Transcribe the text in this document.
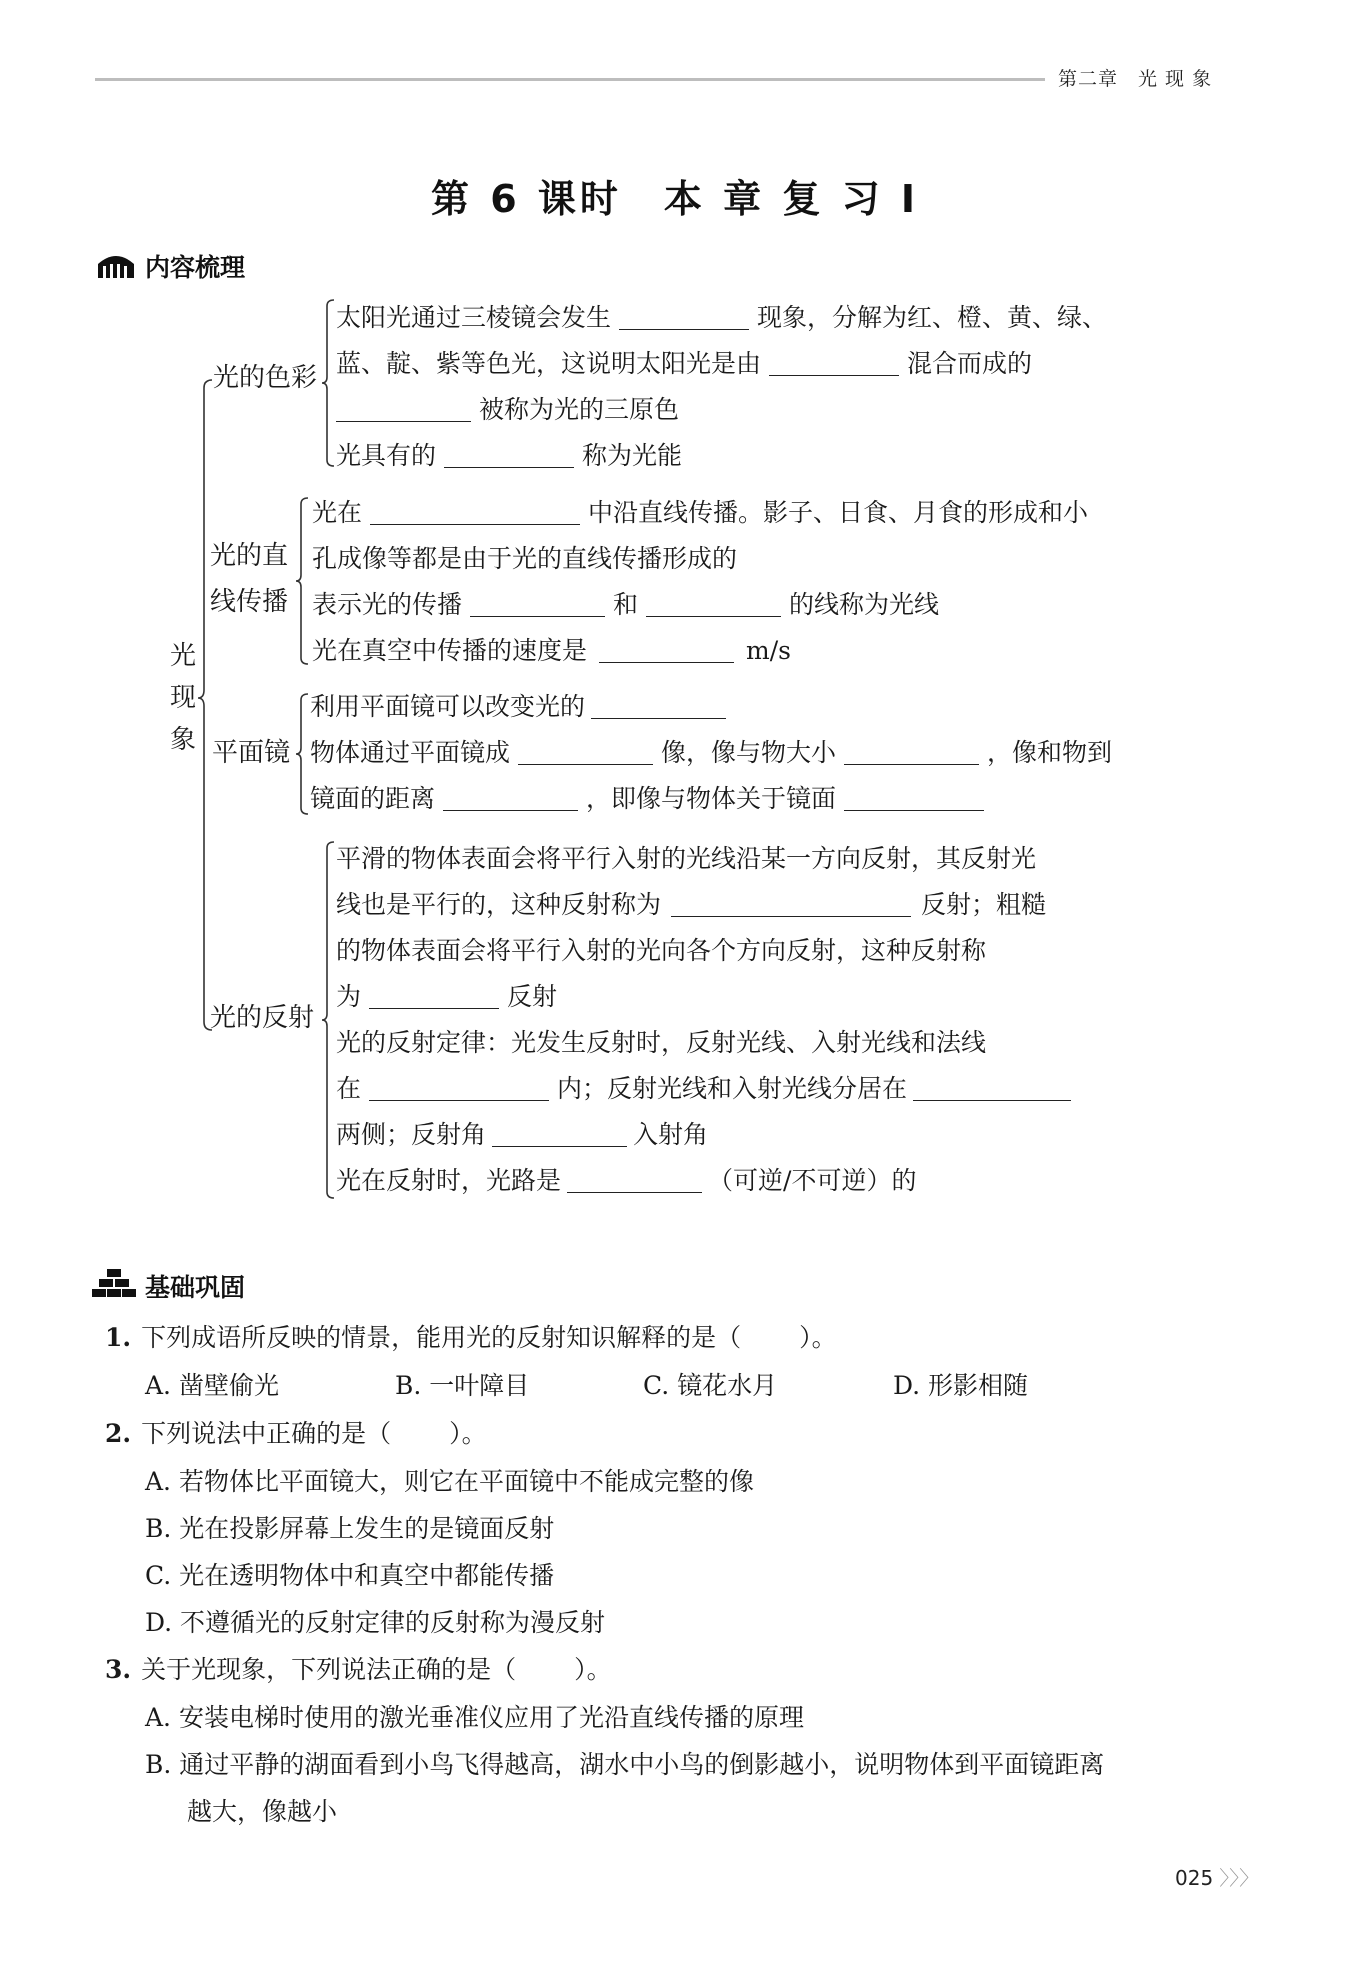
第二章　光 现 象
第 6 课时　本 章 复 习 Ⅰ
内容梳理
光
现
象
光的色彩
太阳光通过三棱镜会发生	现象，分解为红、橙、黄、绿、
蓝、靛、紫等色光，这说明太阳光是由	混合而成的
被称为光的三原色
光具有的	称为光能
光的直
线传播
光在	中沿直线传播。影子、日食、月食的形成和小
孔成像等都是由于光的直线传播形成的
表示光的传播	和	的线称为光线
光在真空中传播的速度是	m/s
平面镜
利用平面镜可以改变光的
物体通过平面镜成	像，像与物大小	，像和物到
镜面的距离	，即像与物体关于镜面
光的反射
平滑的物体表面会将平行入射的光线沿某一方向反射，其反射光
线也是平行的，这种反射称为	反射；粗糙
的物体表面会将平行入射的光向各个方向反射，这种反射称
为	反射
光的反射定律：光发生反射时，反射光线、入射光线和法线
在	内；反射光线和入射光线分居在
两侧；反射角	入射角
光在反射时，光路是	（可逆/不可逆）的
基础巩固
1. 下列成语所反映的情景，能用光的反射知识解释的是（ ）。
A. 凿壁偷光	B. 一叶障目	C. 镜花水月	D. 形影相随
2. 下列说法中正确的是（ ）。
A. 若物体比平面镜大，则它在平面镜中不能成完整的像
B. 光在投影屏幕上发生的是镜面反射
C. 光在透明物体中和真空中都能传播
D. 不遵循光的反射定律的反射称为漫反射
3. 关于光现象，下列说法正确的是（ ）。
A. 安装电梯时使用的激光垂准仪应用了光沿直线传播的原理
B. 通过平静的湖面看到小鸟飞得越高，湖水中小鸟的倒影越小，说明物体到平面镜距离
越大，像越小
025 〉〉〉
